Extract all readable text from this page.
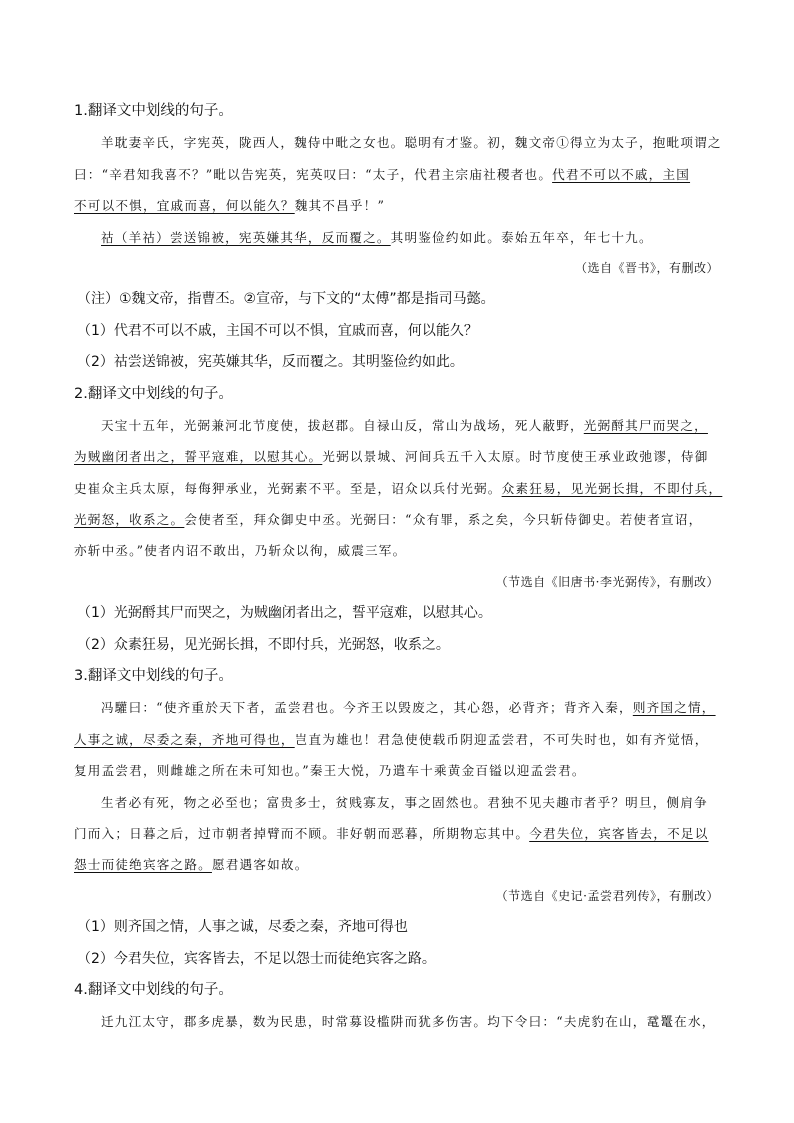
1.翻译文中划线的句子。
羊耽妻辛氏，字宪英，陇西人，魏侍中毗之女也。聪明有才鉴。初，魏文帝①得立为太子，抱毗项谓之
曰：“辛君知我喜不？”毗以告宪英，宪英叹曰：“太子，代君主宗庙社稷者也。代君不可以不戚，主国
不可以不惧，宜戚而喜，何以能久？魏其不昌乎！”
祜（羊祜）尝送锦被，宪英嫌其华，反而覆之。其明鉴俭约如此。泰始五年卒，年七十九。
（选自《晋书》，有删改）
（注）①魏文帝，指曹丕。②宣帝，与下文的“太傅”都是指司马懿。
（1）代君不可以不戚，主国不可以不惧，宜戚而喜，何以能久？
（2）祜尝送锦被，宪英嫌其华，反而覆之。其明鉴俭约如此。
2.翻译文中划线的句子。
天宝十五年，光弼兼河北节度使，拔赵郡。自禄山反，常山为战场，死人蔽野，光弼酹其尸而哭之，
为贼幽闭者出之，誓平寇难，以慰其心。光弼以景城、河间兵五千入太原。时节度使王承业政弛谬，侍御
史崔众主兵太原，每侮狎承业，光弼素不平。至是，诏众以兵付光弼。众素狂易，见光弼长揖，不即付兵，
光弼怒，收系之。会使者至，拜众御史中丞。光弼曰：“众有罪，系之矣，今只斩侍御史。若使者宣诏，
亦斩中丞。”使者内诏不敢出，乃斩众以徇，威震三军。
（节选自《旧唐书·李光弼传》，有删改）
（1）光弼酹其尸而哭之，为贼幽闭者出之，誓平寇难，以慰其心。
（2）众素狂易，见光弼长揖，不即付兵，光弼怒，收系之。
3.翻译文中划线的句子。
冯驩曰：“使齐重於天下者，孟尝君也。今齐王以毁废之，其心怨，必背齐；背齐入秦，则齐国之情，
人事之诚，尽委之秦，齐地可得也，岂直为雄也！君急使使载币阴迎孟尝君，不可失时也，如有齐觉悟，
复用孟尝君，则雌雄之所在未可知也。”秦王大悦，乃遣车十乘黄金百镒以迎孟尝君。
生者必有死，物之必至也；富贵多士，贫贱寡友，事之固然也。君独不见夫趣市者乎？明旦，侧肩争
门而入；日暮之后，过市朝者掉臂而不顾。非好朝而恶暮，所期物忘其中。今君失位，宾客皆去，不足以
怨士而徒绝宾客之路。愿君遇客如故。
（节选自《史记·孟尝君列传》，有删改）
（1）则齐国之情，人事之诚，尽委之秦，齐地可得也
（2）今君失位，宾客皆去，不足以怨士而徒绝宾客之路。
4.翻译文中划线的句子。
迁九江太守，郡多虎暴，数为民患，时常募设槛阱而犹多伤害。均下令曰：“夫虎豹在山，鼋鼍在水，
